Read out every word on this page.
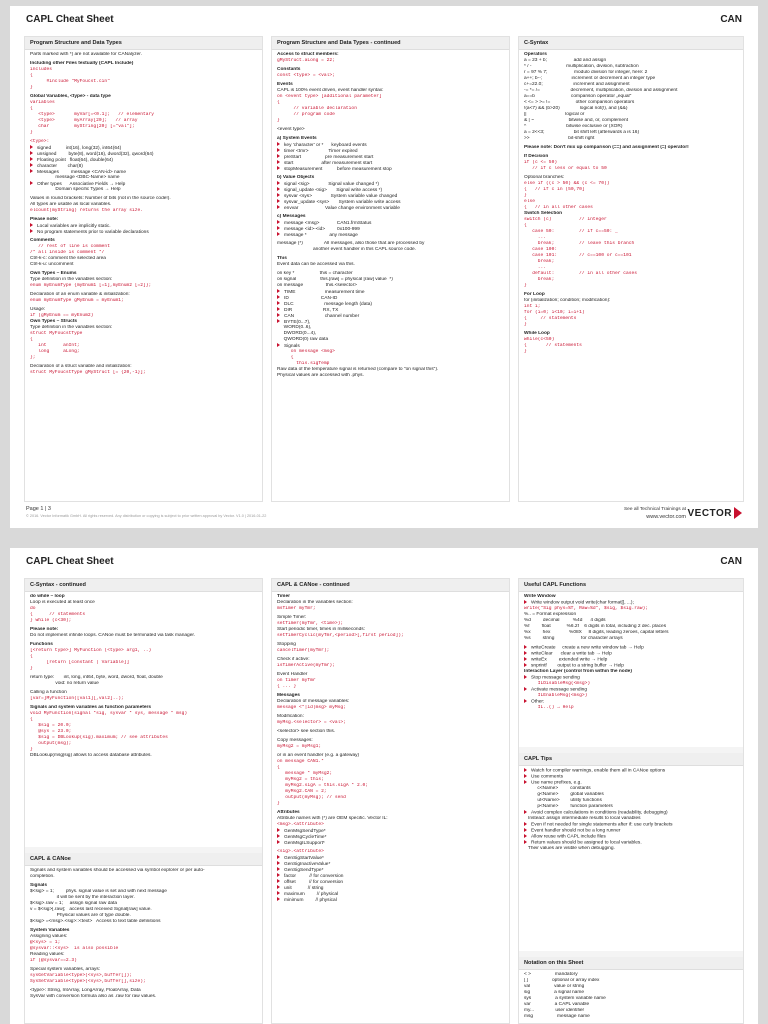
CAPL Cheat Sheet	CAN
Program Structure and Data Types
Parts marked with *) are not available for CANalyzer.
Including other Files textually (CAPL Include)
includes
{
#include "MyFoucst.cin"
}
Global Variables, <type> - data type
variables
{
<type>       myVar[=<0.1];   // elementary
<type>       myArray[20];   // array
char         myString[20] [="val"];
}
<type>:
signed           int(16), long(32), int64(64)
unsigned         byte(8), word(16), dword(32), qword(64)
Floating point   float(64), double(64)
character        char(8)
Messages         message <CAN-id> name
message <DBC-Name> name
Other types      Associative Fields → Help
Domain specific Types → Help
Values in round brackets: Number of bits (not in the source code!).
All types are usable as local variables.
elcount(myString) returns the array size.
Please note:
Local variables are implicitly static.
No program statements prior to variable declarations
Comments
// rest of line is comment
/* all inside is comment */
Ctrl-k-c: comment the selected area
Ctrl-k-u: uncomment
Own Types – Enums
Type definition in the variables section:
enum myEnumType {myEnum1 [=1],myEnum2 [=2]};
Declaration of an enum variable & initialization:
enum myEnumType gMyEnum = myEnum1;
Usage:
if (gMyEnum == myEnum2)
Own Types – Structs
Type definition in the variables section:
struct MyFoucstType
{
int      anInt;
long     aLong;
};
Declaration of a struct variable and initialization:
struct MyFoucstType gMyStruct [= {20,-1}];
Program Structure and Data Types - continued
Access to struct members:
gMyStruct.aLong = 22;
Constants
const <type> = <val>;
Events
CAPL is 100% event driven, event handler syntax:
on <event type> [additional parameter]
{
// variable declaration
// program code
}
<event type>
a) System Events
key 'character' or *      keyboard events
timer <tmr>               Timer expired
preStart                  pre measurement start
start                     after measurement start
stopMeasurement           before measurement stop
b) Value Objects
signal <sig>              Signal value changed *)
signal_update <sig>       Signal write access *)
sysvar <sys>              System variable value changed
sysvar_update <sys>       System variable write access
envvar                    Value change environment variable
c) Messages
message <msg>             CAN1.frmStatus
message <id>-<id>         0x100-999
message *                 any message
message (*)                All messages, also those that are processed by
another event handler in this CAPL source code.
This
Event data can be accessed via this.
on key *                   this = character
on signal                  this.[raw] = physical [raw] value  *)
on message                 this.<selector>
TIME                      measurement time
ID                        CAN-ID
DLC                       message length (data)
DIR                       RX, TX
CAN                       channel number
BYTE(0...7),
WORD(0..6),
DWORD(0...4),
QWORD(0) raw data
Signals
on message <msg>
{
this.sigTemp
Raw data of the temperature signal is returned (compare to "on signal this").
Physical values are accessed with .phys.
C-Syntax
Operators
a = 23 + b;                    add and assign
* / -                          multiplication, division, subtraction
r = 97 % 7;                    modulo division for integer, here: 2
a++; b--;                      increment or decrement an integer type
c+=22.0;                       increment and assignment
-= *= /=                       decrement, multiplication, division and assignment
a==b                           comparison operator „equal"
< <= > >= !=                   other comparison operators
!(a<7) && (b>20)               logical not(!), and (&&)
||                             logical or
& | ~                          bitwise and, or, complement
^                              bitwise exclusive or (XOR)
a = 2<<3;                      bit shift left (afterwards a is 16)
>>                             bit-shift right
Please note: Don't mix up comparison (==) and assignment (=) operator!
If Decision
if (c <= 50)
// if c less or equal to 50
Optional branches:
else if ((c > 50) && (c <= 70))
{   // if c in (50,70]
}
else
{   // in all other cases
Switch Selection
switch (c)          // integer
{
case 50:         // if c==50: _
...
break;         // leave this branch
case 100:
case 101:        // c==100 or c==101
break;
...
default:         // in all other cases
break;
}
For Loop
for (initialization; condition; modification):
int i;
for (i=0; i<10; i=i+1)
{     // statements
}
While Loop
while(c<50)
{       // statements
}
Page 1 | 3
© 2016. Vector Informatik GmbH. All rights reserved. Any distribution or copying is subject to prior written approval by Vector. V1.0 | 2016-01-22
See all Technical Trainings at
www.vector.com VECTOR
CAPL Cheat Sheet	CAN
C-Syntax - continued
do while – loop
Loop is executed at least once
do
{      // statements
} while (c<30);
Please note:
Do not implement infinite loops. CANoe must be terminated via task manager.
Functions
[<return type>] MyFunction (<type> arg1, ..)
{
[return [constant | Variable]]
}
return type:       int, long, int64, byte, word, dword, float, double
void: no return value
Calling a function
[var=]MyFunction([val1][,val2]..);
Signals and system variables as function parameters
void MyFunction(signal *sig, sysvar * sys, message * msg)
{
$sig = 20.0;
@sys = 23.0;
$sig = DBLookup(sig).maximum; // see attributes
output(msg);
}
DBLookup(msg|sig) allows to access database attributes.
CAPL & CANoe
Signals and system variables should be accessed via symbol explorer or per auto-
completion.
Signals
$<sig> = 1;         phys. signal value is set and with next message
it will be sent by the interaction layer.
$<sig>.raw = 1;     assign signal raw data
v = $<sig>[.raw];   access last received Signal[raw] value.
Physical values are of type double.
$<sig> =<msg>.<sig>::<text>   Access to text table definitions
System Variables
Assigning values:
@<sys> = 1;
@sysvar::<sys>  is also possible
Reading values:
if (@sysvar==2.3)
Special system variables, arrays:
sysGetVariable<type>(<sys>,buffer[]);
SysSetVariable<type>(<sys>,buffer[],size);
<type>: String, IntArray, LongArray, FloatArray, Data
SysVar with conversion formula also as .raw for raw values.
CAPL & CANoe - continued
Timer
Declaration in the variables section:
msTimer myTmr;
Simple Timer:
setTimer(myTmr, <time>);
Start periodic timer, times in milliseconds:
setTimerCyclic(myTmr,<period>[,first period]);
Stopping
cancelTimer(myTmr);
Check if active:
isTimerActive(myTmr);
Event Handler
on timer myTmr
{ ... }
Messages
Declaration of message variables:
message <*|id|msg> myMsg;
Modification:
myMsg.<selector> = <val>;
<selector> see section this.
Copy messages:
myMsg2 = myMsg1;
or in an event handler (e.g. a gateway)
on message CAN1.*
{
message * myMsg2;
myMsg2 = this;
myMsg2.sigA = this.sigA * 2.0;
myMsg2.CAN = 2;
output(myMsg); // send
}
Attributes
Attribute names with (*) are OEM specific. Vector IL:
<msg>.<attribute>
GenMsgSendType*
GenMsgCycleTime*
GenMsgILSupport*
<sig>.<attribute>
GenSigStartValue*
GenSigInactiveValue*
GenSigSendType*
factor          // for conversion
offset          // for conversion
unit            // string
maximum         // physical
minimum         // physical
Useful CAPL Functions
Write Window
Write window output void write(char format[], ...);
write("Sig phys=%f, Raw=%d", $sig, $sig.raw);
%.. = Format expression
%d         decimal          %4d      4 digits
%f         float            %6.2f    6 digits in total, including 2 dec. places
%x         hex              %08X     8 digits, leading zeroes, capital letters
%s         string                    for character arrays
writeCreate     create a new write window tab → Help
writeClear      clear a write tab → Help
writeEx         extended write → Help
snprintf        output to a string buffer → Help
Interaction Layer (control from within the node)
Stop message sending
ILDisableMsg(<msg>)
Activate message sending
ILEnableMsg(<msg>)
Other:
IL..() → Help
CAPL Tips
Watch for compiler warnings, enable them all in CANoe options
Use comments
Use name prefixes, e.g.
c<Name>         constants
g<Name>         global variables
ut<Name>        utility functions
p<Name>         function parameters
Avoid complex calculations in conditions (readability, debugging)
Instead: assign intermediate results to local variables
Even if not needed for single statements after if: use curly brackets
Event handler should not be a long runner
Allow reuse with CAPL include files
Return values should be assigned to local variables.
Their values are visible when debugging.
Notation on this Sheet
< >                  mandatory
[ ]                  optional or array index
val                  value or string
sig                  a signal name
sys                  a system variable name
var                  a CAPL variable
my...                user identifier
msg                  message name
